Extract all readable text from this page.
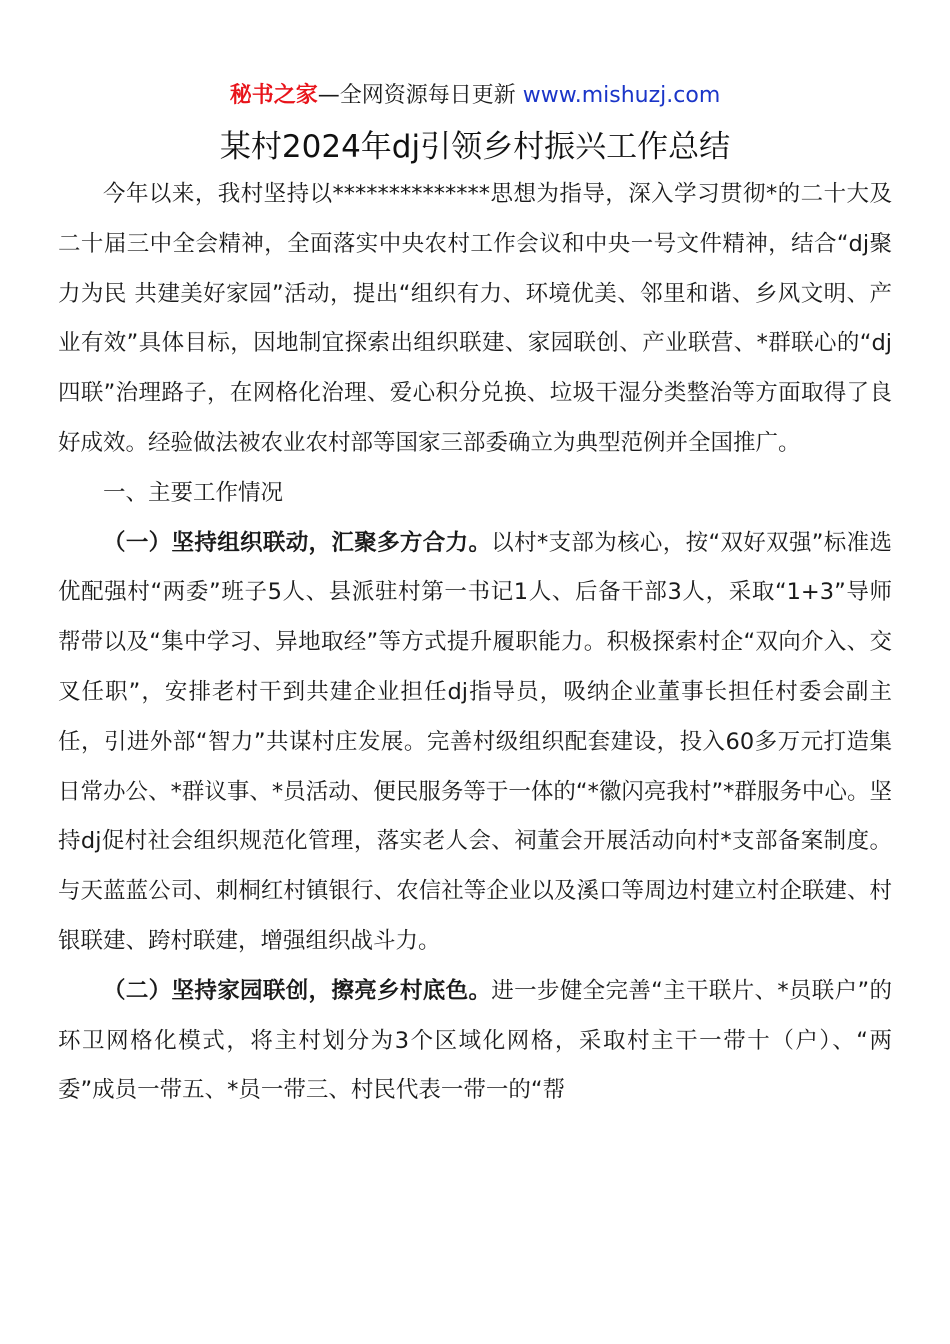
秘书之家—全网资源每日更新 www.mishuzj.com
某村2024年dj引领乡村振兴工作总结

今年以来，我村坚持以**************思想为指导，深入学习贯彻*的二十大及二十届三中全会精神，全面落实中央农村工作会议和中央一号文件精神，结合“dj聚力为民 共建美好家园”活动，提出“组织有力、环境优美、邻里和谐、乡风文明、产业有效”具体目标，因地制宜探索出组织联建、家园联创、产业联营、*群联心的“dj四联”治理路子，在网格化治理、爱心积分兑换、垃圾干湿分类整治等方面取得了良好成效。经验做法被农业农村部等国家三部委确立为典型范例并全国推广。

一、主要工作情况

（一）坚持组织联动，汇聚多方合力。以村*支部为核心，按“双好双强”标准选优配强村“两委”班子5人、县派驻村第一书记1人、后备干部3人，采取“1+3”导师帮带以及“集中学习、异地取经”等方式提升履职能力。积极探索村企“双向介入、交叉任职”，安排老村干到共建企业担任dj指导员，吸纳企业董事长担任村委会副主任，引进外部“智力”共谋村庄发展。完善村级组织配套建设，投入60多万元打造集日常办公、*群议事、*员活动、便民服务等于一体的“*徽闪亮我村”*群服务中心。坚持dj促村社会组织规范化管理，落实老人会、祠董会开展活动向村*支部备案制度。与天蓝蓝公司、刺桐红村镇银行、农信社等企业以及溪口等周边村建立村企联建、村银联建、跨村联建，增强组织战斗力。

（二）坚持家园联创，擦亮乡村底色。进一步健全完善“主干联片、*员联户”的环卫网格化模式，将主村划分为3个区域化网格，采取村主干一带十（户）、“两委”成员一带五、*员一带三、村民代表一带一的“帮
